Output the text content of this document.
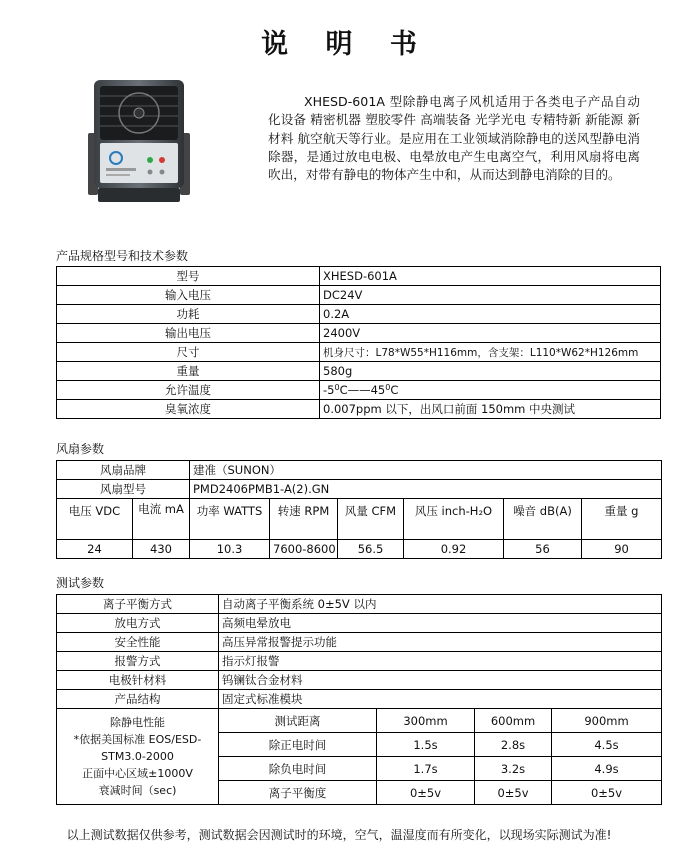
说 明 书

XHESD-601A 型除静电离子风机适用于各类电子产品自动化设备 精密机器 塑胶零件 高端装备 光学光电 专精特新 新能源 新材料 航空航天等行业。是应用在工业领域消除静电的送风型静电消除器，是通过放电电极、电晕放电产生电离空气，利用风扇将电离吹出，对带有静电的物体产生中和，从而达到静电消除的目的。

产品规格型号和技术参数
型号	XHESD-601A
输入电压	DC24V
功耗	0.2A
输出电压	2400V
尺寸	机身尺寸：L78*W55*H116mm，含支架：L110*W62*H126mm
重量	580g
允许温度	$-5^0C——45^0C$
臭氧浓度	0.007ppm 以下，出风口前面 150mm 中央测试
风扇参数
风扇品牌		建准（SUNON）					
风扇型号		PMD2406PMB1-A(2).GN					
电压 VDC	电流 mA	功率 WATTS	转速 RPM	风量 CFM	风压 inch-H₂O	噪音 dB(A)	重量 g
24	430	10.3	7600-8600	56.5	0.92	56	90
测试参数
离子平衡方式	自动离子平衡系统 0±5V 以内			
放电方式	高频电晕放电			
安全性能	高压异常报警提示功能			
报警方式	指示灯报警			
电极针材料	钨镧钛合金材料			
产品结构	固定式标准模块			

除静电性能
*依据美国标准 EOS/ESD-STM3.0-2000
正面中心区域±1000V
衰减时间（sec)	测试距离	300mm	600mm	900mm
	除正电时间	1.5s	2.8s	4.5s
	除负电时间	1.7s	3.2s	4.9s
	离子平衡度	0±5v	0±5v	0±5v
以上测试数据仅供参考，测试数据会因测试时的环境，空气，温湿度而有所变化，以现场实际测试为准!
